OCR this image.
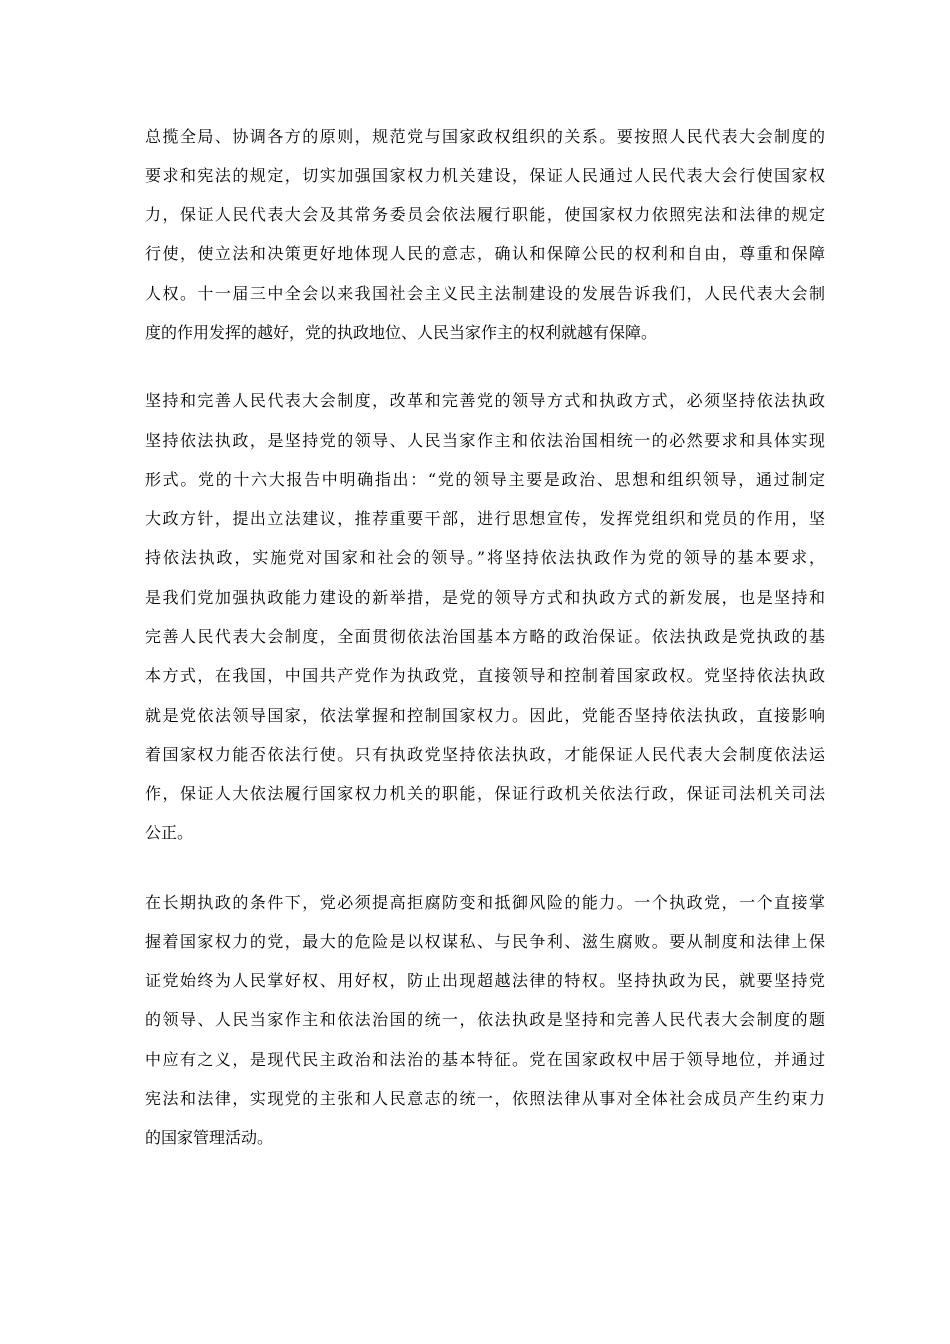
总揽全局、协调各方的原则，规范党与国家政权组织的关系。要按照人民代表大会制度的
要求和宪法的规定，切实加强国家权力机关建设，保证人民通过人民代表大会行使国家权
力，保证人民代表大会及其常务委员会依法履行职能，使国家权力依照宪法和法律的规定
行使，使立法和决策更好地体现人民的意志，确认和保障公民的权利和自由，尊重和保障
人权。十一届三中全会以来我国社会主义民主法制建设的发展告诉我们，人民代表大会制
度的作用发挥的越好，党的执政地位、人民当家作主的权利就越有保障。
坚持和完善人民代表大会制度，改革和完善党的领导方式和执政方式，必须坚持依法执政
坚持依法执政，是坚持党的领导、人民当家作主和依法治国相统一的必然要求和具体实现
形式。党的十六大报告中明确指出：“党的领导主要是政治、思想和组织领导，通过制定
大政方针，提出立法建议，推荐重要干部，进行思想宣传，发挥党组织和党员的作用，坚
持依法执政，实施党对国家和社会的领导。”将坚持依法执政作为党的领导的基本要求，
是我们党加强执政能力建设的新举措，是党的领导方式和执政方式的新发展，也是坚持和
完善人民代表大会制度，全面贯彻依法治国基本方略的政治保证。依法执政是党执政的基
本方式，在我国，中国共产党作为执政党，直接领导和控制着国家政权。党坚持依法执政
就是党依法领导国家，依法掌握和控制国家权力。因此，党能否坚持依法执政，直接影响
着国家权力能否依法行使。只有执政党坚持依法执政，才能保证人民代表大会制度依法运
作，保证人大依法履行国家权力机关的职能，保证行政机关依法行政，保证司法机关司法
公正。
在长期执政的条件下，党必须提高拒腐防变和抵御风险的能力。一个执政党，一个直接掌
握着国家权力的党，最大的危险是以权谋私、与民争利、滋生腐败。要从制度和法律上保
证党始终为人民掌好权、用好权，防止出现超越法律的特权。坚持执政为民，就要坚持党
的领导、人民当家作主和依法治国的统一，依法执政是坚持和完善人民代表大会制度的题
中应有之义，是现代民主政治和法治的基本特征。党在国家政权中居于领导地位，并通过
宪法和法律，实现党的主张和人民意志的统一，依照法律从事对全体社会成员产生约束力
的国家管理活动。
